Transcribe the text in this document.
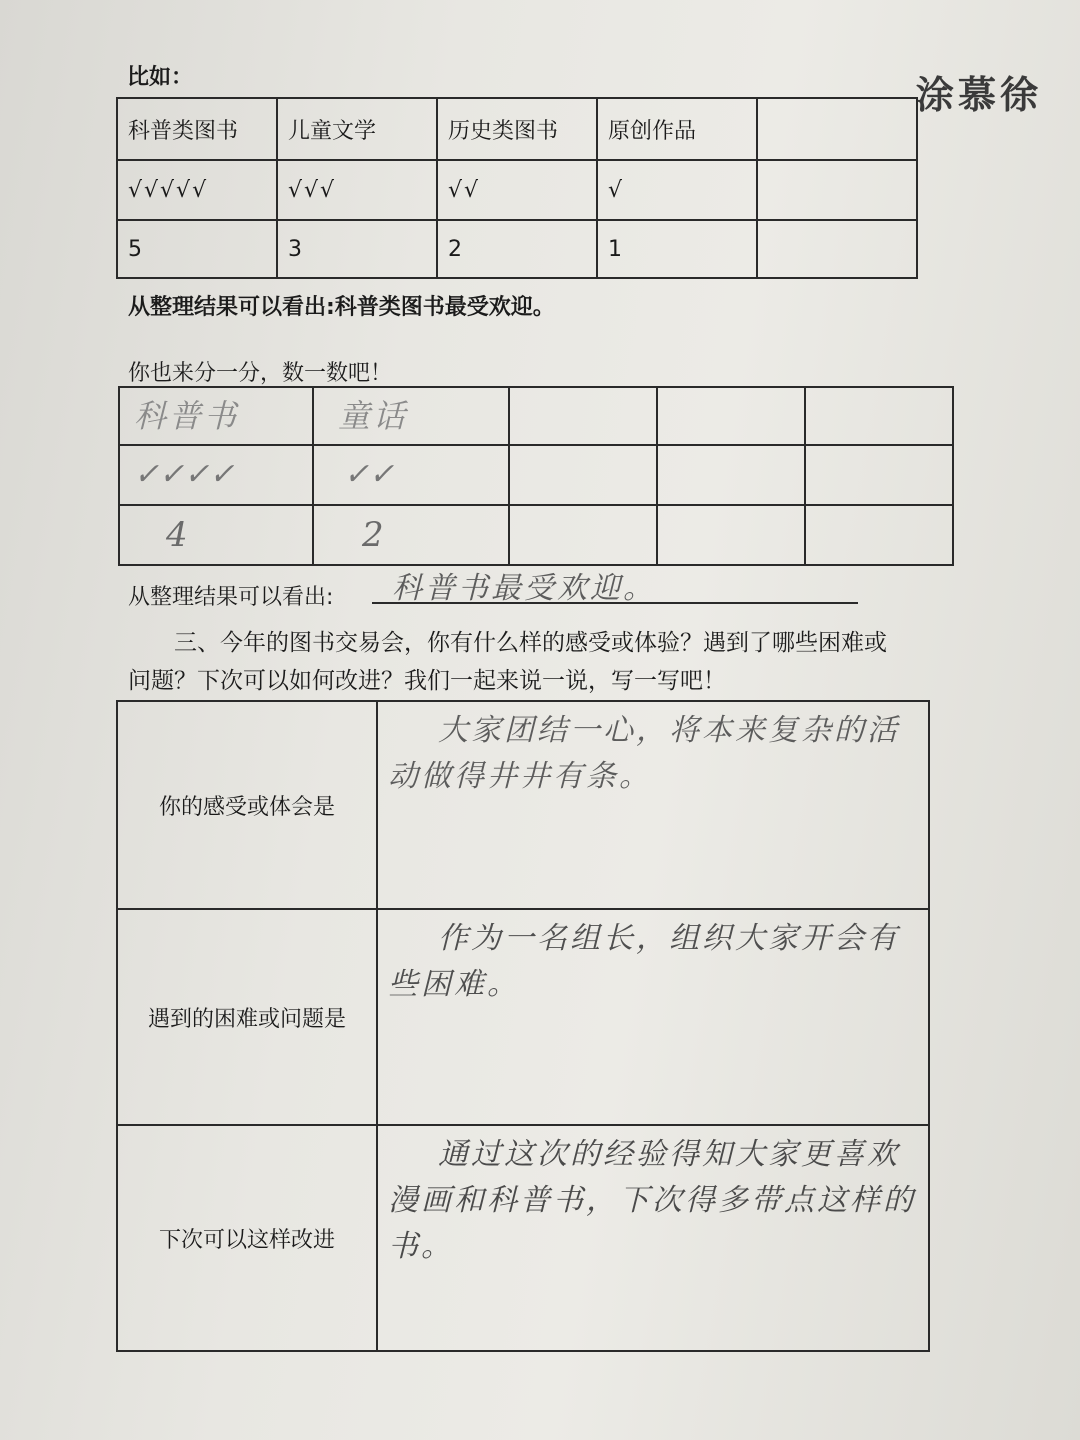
涂慕徐
比如：
科普类图书	儿童文学	历史类图书	原创作品	
√√√√√	√√√	√√	√	
5	3	2	1	
从整理结果可以看出:科普类图书最受欢迎。
你也来分一分，数一数吧！
科普书	童话			
✓✓✓✓	✓✓			
4	2			
从整理结果可以看出: 科普书最受欢迎。
三、今年的图书交易会，你有什么样的感受或体验？遇到了哪些困难或问题？下次可以如何改进？我们一起来说一说，写一写吧！
你的感受或体会是	大家团结一心，将本来复杂的活动做得井井有条。

遇到的困难或问题是	作为一名组长，组织大家开会有些困难。

下次可以这样改进	通过这次的经验得知大家更喜欢漫画和科普书，下次得多带点这样的书。
